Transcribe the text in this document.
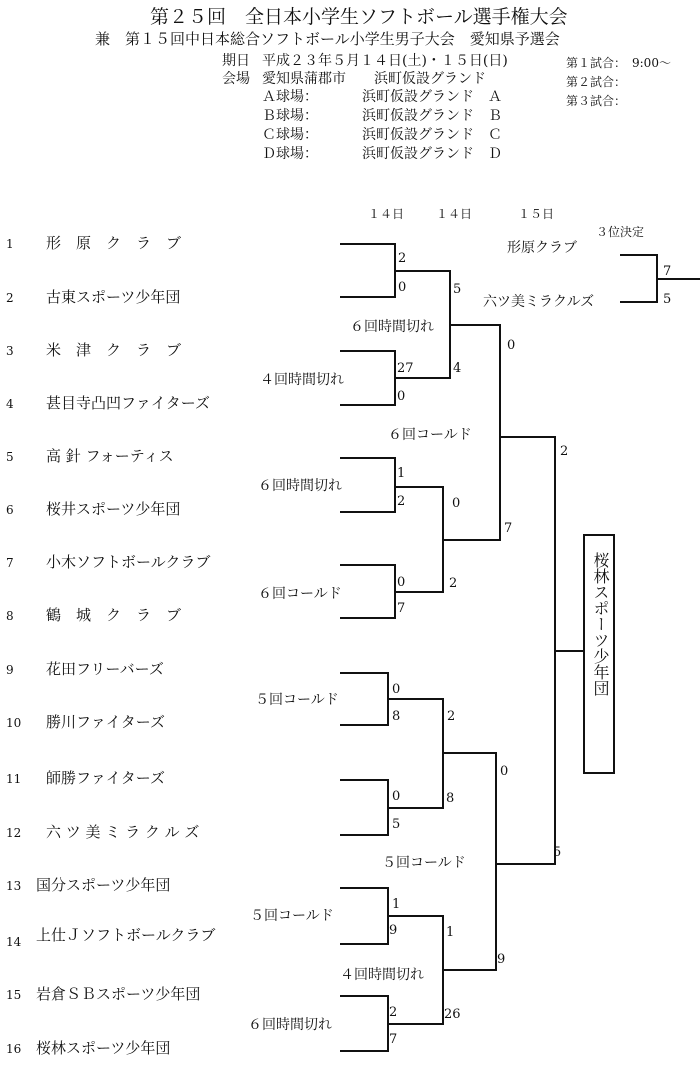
第２５回　全日本小学生ソフトボール選手権大会
兼　第１５回中日本総合ソフトボール小学生男子大会　愛知県予選会
期日 平成２３年５月１４日(土)・１５日(日)
会場 愛知県蒲郡市　　浜町仮設グランド
Ａ球場：	浜町仮設グランド　Ａ
Ｂ球場：	浜町仮設グランド　Ｂ
Ｃ球場：	浜町仮設グランド　Ｃ
Ｄ球場：	浜町仮設グランド　Ｄ
第１試合：　9:00～
第２試合：
第３試合：
１４日	１４日	１５日
1 形　原　ク　ラ　ブ
2 古東スポーツ少年団
3 米　津　ク　ラ　ブ
4 甚目寺凸凹ファイターズ
5 高 針 フォーティス
6 桜井スポーツ少年団
7 小木ソフトボールクラブ
8 鶴　城　ク　ラ　ブ
9 花田フリーバーズ
10 勝川ファイターズ
11 師勝ファイターズ
12 六 ツ 美 ミ ラ ク ル ズ
13 国分スポーツ少年団
14 上仕Ｊソフトボールクラブ
15 岩倉ＳＢスポーツ少年団
16 桜林スポーツ少年団
2
0
27
0
1
2
0
7
0
8
0
5
1
9
2
7
5
4
0
2
2
8
1
26
0
7
0
9
2
5
６回時間切れ
４回時間切れ
６回コールド
６回時間切れ
６回コールド
５回コールド
５回コールド
５回コールド
４回時間切れ
６回時間切れ
３位決定
形原クラブ
六ツ美ミラクルズ
7
5
桜林スポーツ少年団
